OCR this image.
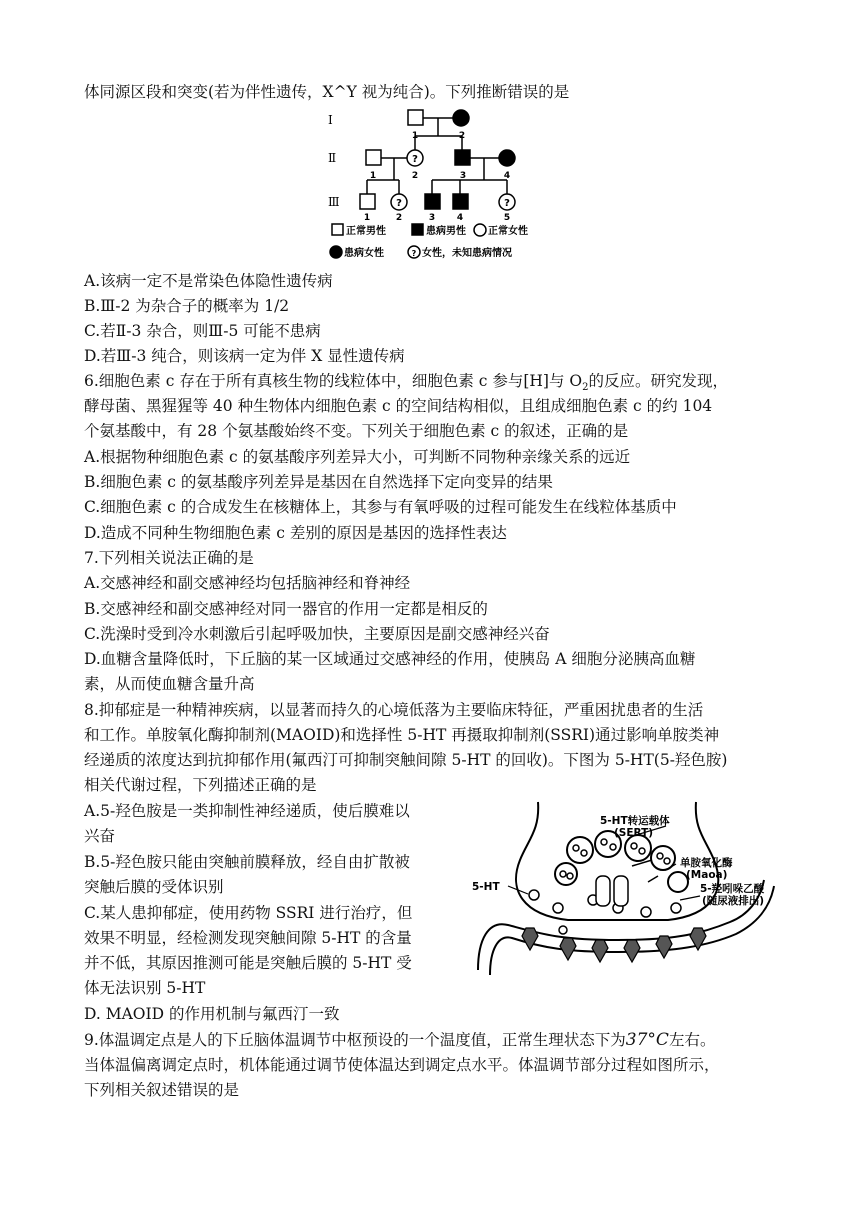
体同源区段和突变(若为伴性遗传，X^Y 视为纯合)。下列推断错误的是
Ⅰ
Ⅱ
Ⅲ
1	2
1	2	3	4
1	2	3 4	5
?
?	?
?
正常男性	患病男性 正常女性
患病女性	女性，未知患病情况
A.该病一定不是常染色体隐性遗传病
B.Ⅲ-2 为杂合子的概率为 1/2
C.若Ⅱ-3 杂合，则Ⅲ-5 可能不患病
D.若Ⅲ-3 纯合，则该病一定为伴 X 显性遗传病
6.细胞色素 c 存在于所有真核生物的线粒体中，细胞色素 c 参与[H]与 $O_2$的反应。研究发现，
酵母菌、黑猩猩等 40 种生物体内细胞色素 c 的空间结构相似，且组成细胞色素 c 的约 104
个氨基酸中，有 28 个氨基酸始终不变。下列关于细胞色素 c 的叙述，正确的是
A.根据物种细胞色素 c 的氨基酸序列差异大小，可判断不同物种亲缘关系的远近
B.细胞色素 c 的氨基酸序列差异是基因在自然选择下定向变异的结果
C.细胞色素 c 的合成发生在核糖体上，其参与有氧呼吸的过程可能发生在线粒体基质中
D.造成不同种生物细胞色素 c 差别的原因是基因的选择性表达
7.下列相关说法正确的是
A.交感神经和副交感神经均包括脑神经和脊神经
B.交感神经和副交感神经对同一器官的作用一定都是相反的
C.洗澡时受到冷水刺激后引起呼吸加快，主要原因是副交感神经兴奋
D.血糖含量降低时，下丘脑的某一区域通过交感神经的作用，使胰岛 A 细胞分泌胰高血糖
素，从而使血糖含量升高
8.抑郁症是一种精神疾病，以显著而持久的心境低落为主要临床特征，严重困扰患者的生活
和工作。单胺氧化酶抑制剂(MAOID)和选择性 5-HT 再摄取抑制剂(SSRI)通过影响单胺类神
经递质的浓度达到抗抑郁作用(氟西汀可抑制突触间隙 5-HT 的回收)。下图为 5-HT(5-羟色胺)
相关代谢过程，下列描述正确的是
A.5-羟色胺是一类抑制性神经递质，使后膜难以
兴奋
B.5-羟色胺只能由突触前膜释放，经自由扩散被
突触后膜的受体识别
C.某人患抑郁症，使用药物 SSRI 进行治疗，但
效果不明显，经检测发现突触间隙 5-HT 的含量
并不低，其原因推测可能是突触后膜的 5-HT 受
体无法识别 5-HT
D. MAOID 的作用机制与氟西汀一致
5-HT转运载体
(SERT)
单胺氧化酶
(Maoa)
5-HT	5-羟吲哚乙酸
(随尿液排出)
9.体温调定点是人的下丘脑体温调节中枢预设的一个温度值，正常生理状态下为37°C左右。
当体温偏离调定点时，机体能通过调节使体温达到调定点水平。体温调节部分过程如图所示，
下列相关叙述错误的是
